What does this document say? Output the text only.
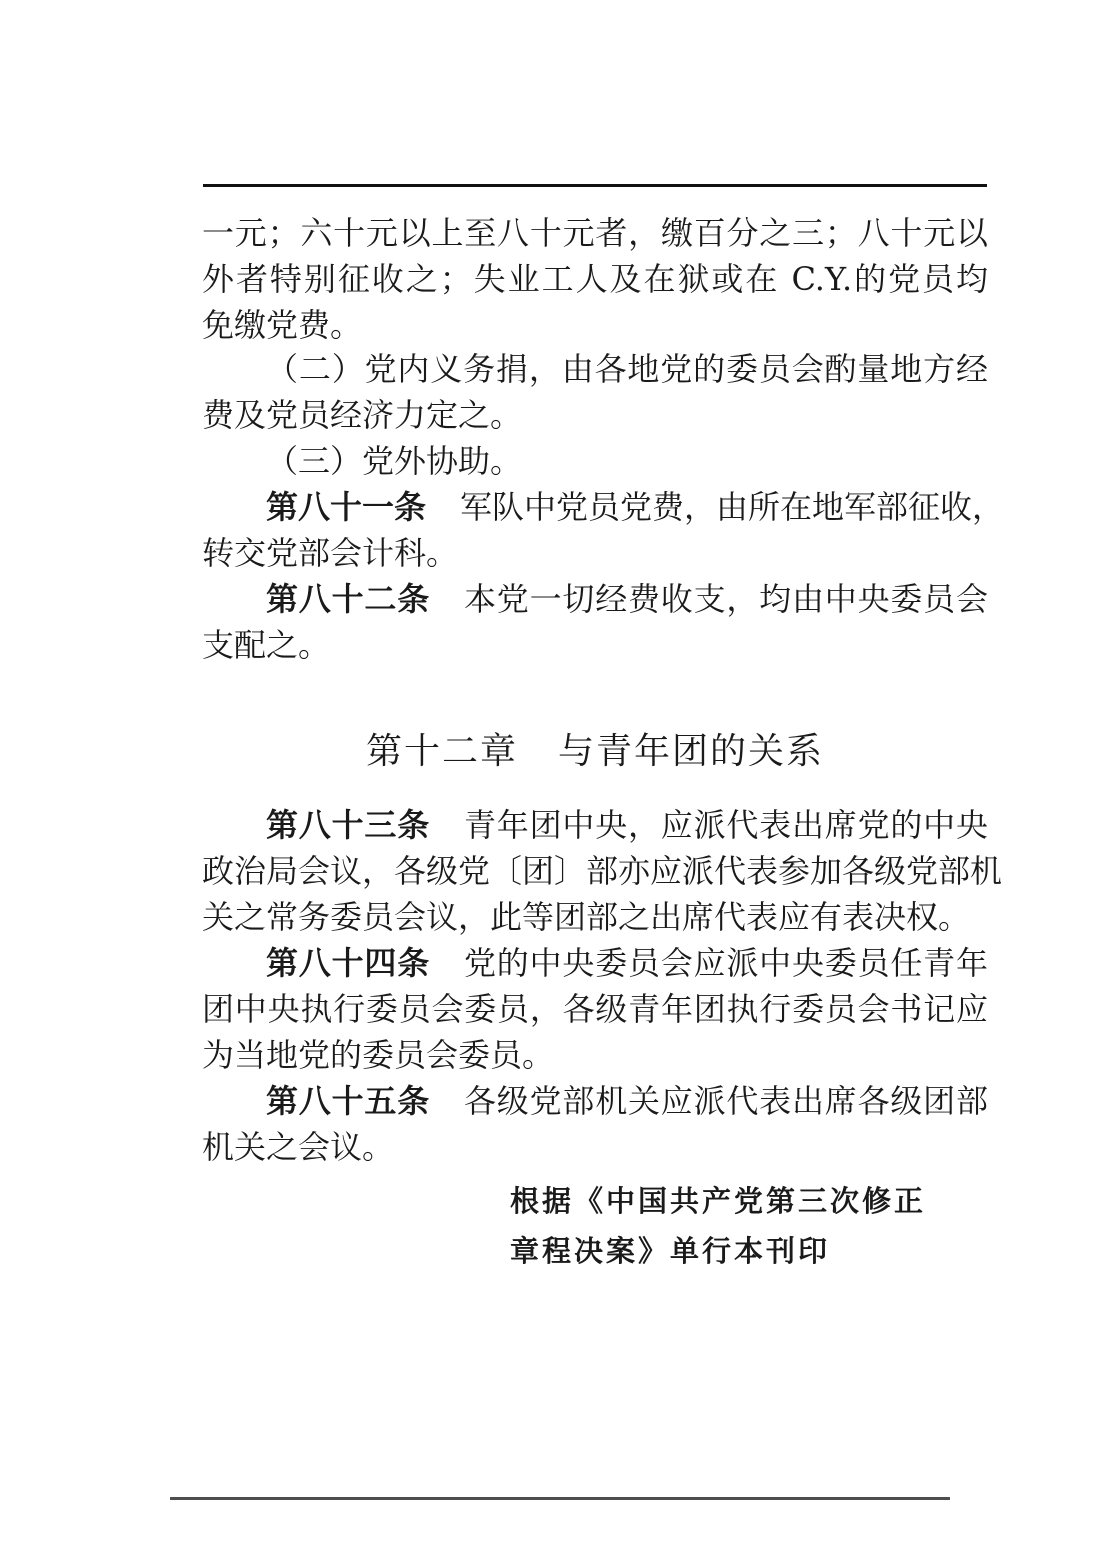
一元；六十元以上至八十元者，缴百分之三；八十元以
外者特别征收之；失业工人及在狱或在 C.Y.的党员均
免缴党费。
（二）党内义务捐，由各地党的委员会酌量地方经
费及党员经济力定之。
（三）党外协助。
第八十一条 军队中党员党费，由所在地军部征收，
转交党部会计科。
第八十二条 本党一切经费收支，均由中央委员会
支配之。
第十二章 与青年团的关系
第八十三条 青年团中央，应派代表出席党的中央
政治局会议，各级党〔团〕部亦应派代表参加各级党部机
关之常务委员会议，此等团部之出席代表应有表决权。
第八十四条 党的中央委员会应派中央委员任青年
团中央执行委员会委员，各级青年团执行委员会书记应
为当地党的委员会委员。
第八十五条 各级党部机关应派代表出席各级团部
机关之会议。
根据《中国共产党第三次修正
章程决案》单行本刊印
